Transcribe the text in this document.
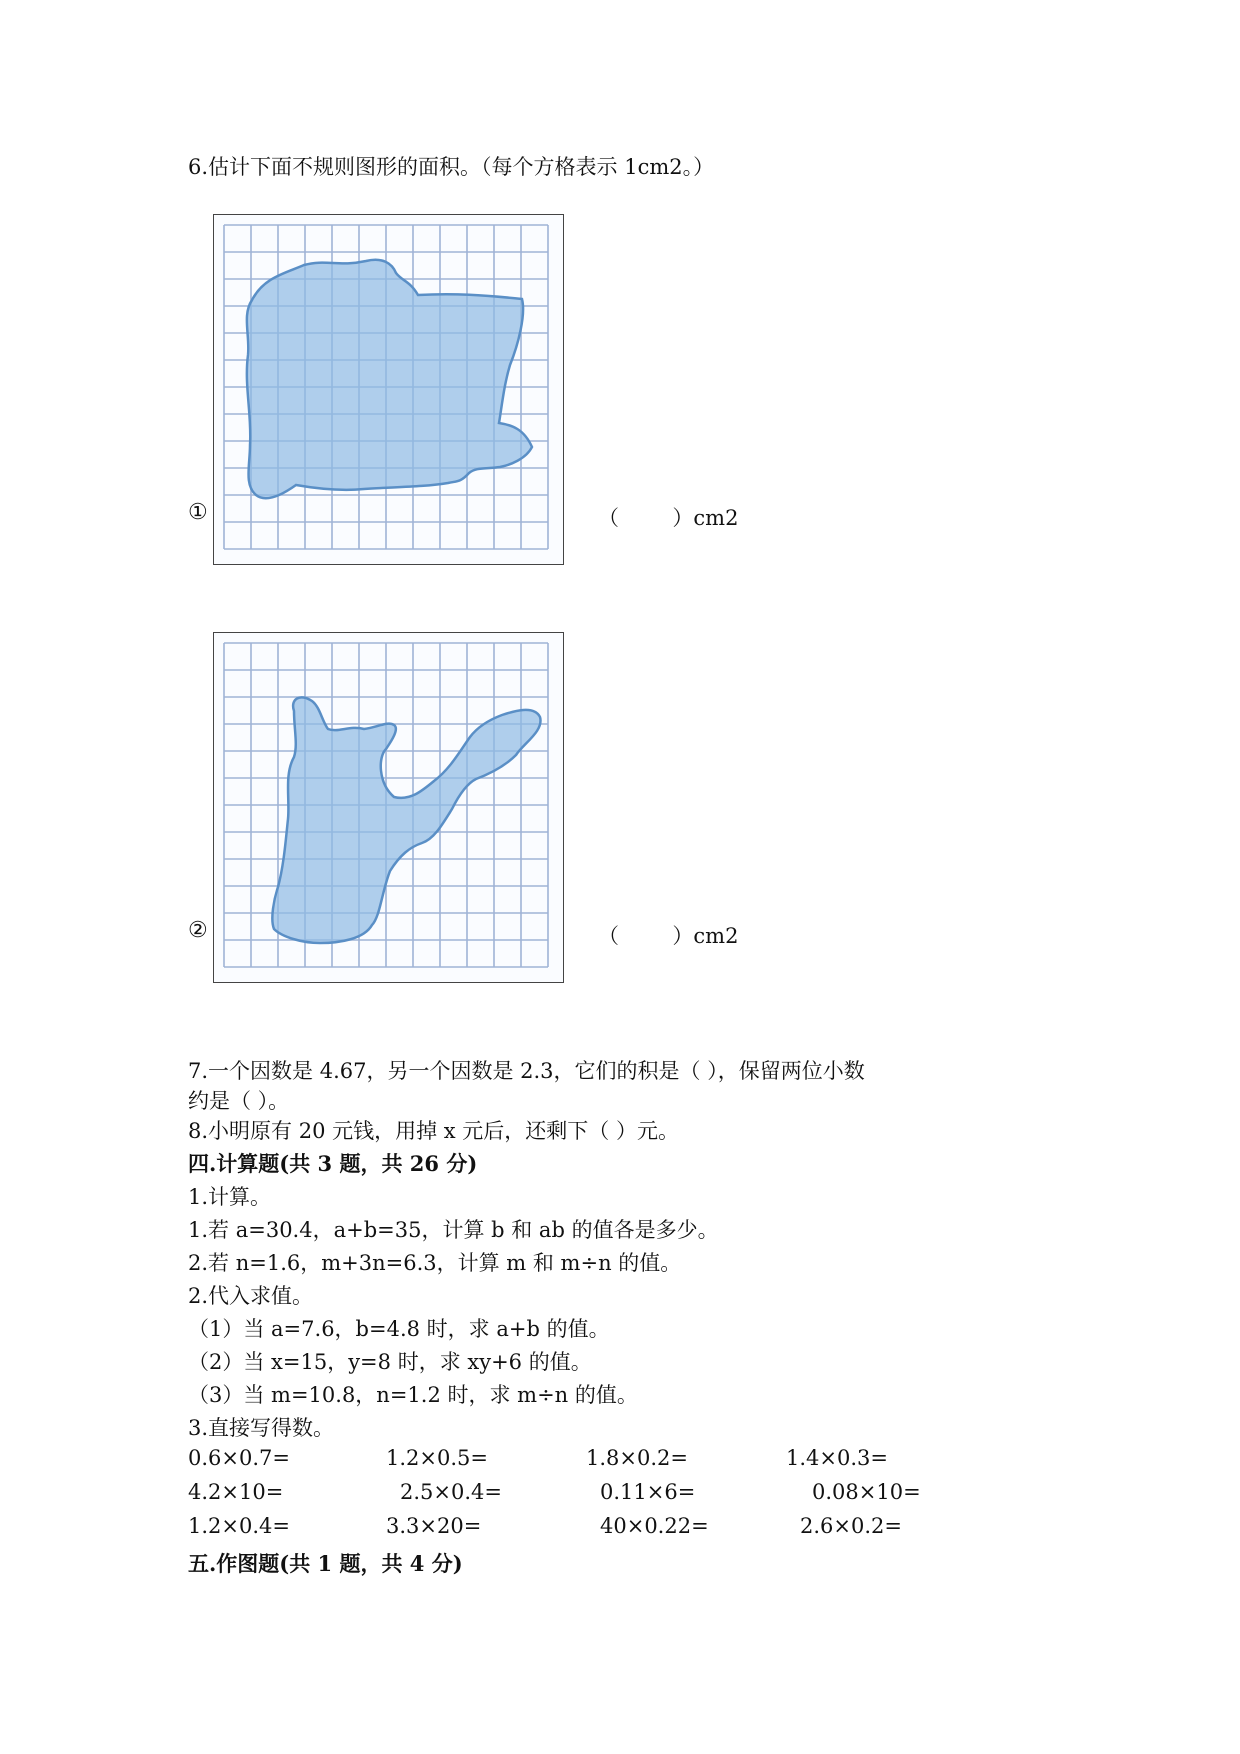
6.估计下面不规则图形的面积。（每个方格表示 1cm2。）
①	（        ）cm2
②	（        ）cm2
7.一个因数是 4.67，另一个因数是 2.3，它们的积是（ ），保留两位小数
约是（ ）。
8.小明原有 20 元钱，用掉 x 元后，还剩下（ ）元。
四.计算题(共 3 题，共 26 分)
1.计算。
1.若 a=30.4，a+b=35，计算 b 和 ab 的值各是多少。
2.若 n=1.6，m+3n=6.3，计算 m 和 m÷n 的值。
2.代入求值。
（1）当 a=7.6，b=4.8 时，求 a+b 的值。
（2）当 x=15，y=8 时，求 xy+6 的值。
（3）当 m=10.8，n=1.2 时，求 m÷n 的值。
3.直接写得数。
0.6×0.7=	1.2×0.5=	1.8×0.2=	1.4×0.3=
4.2×10=	2.5×0.4=	0.11×6=	0.08×10=
1.2×0.4=	3.3×20=	40×0.22=	2.6×0.2=
五.作图题(共 1 题，共 4 分)
